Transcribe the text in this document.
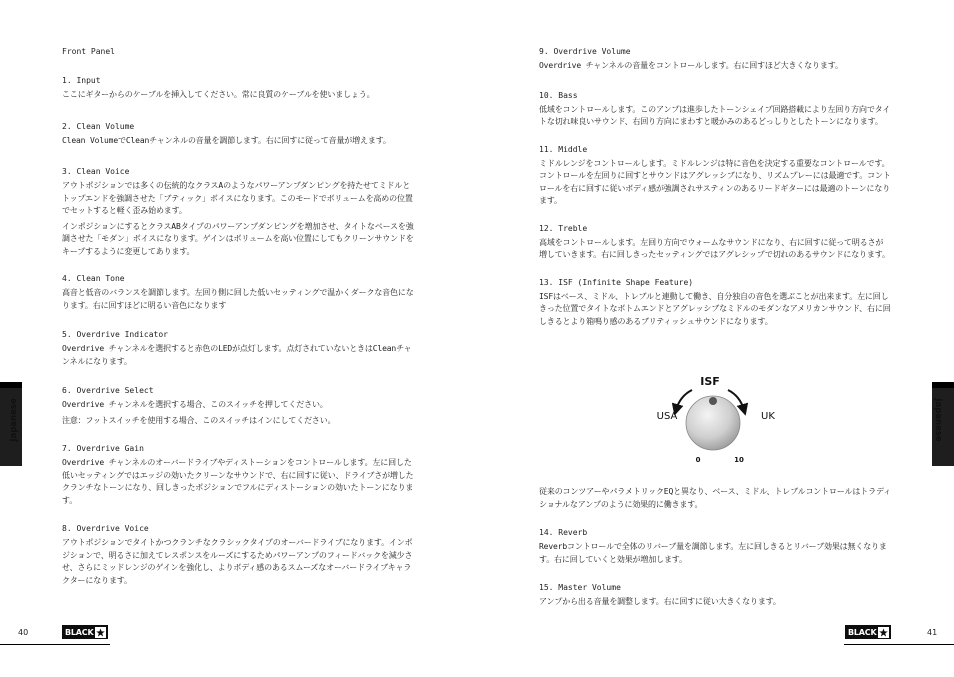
Front Panel
1. Input

ここにギターからのケーブルを挿入してください。常に良質のケーブルを使いましょう。

2. Clean Volume

Clean VolumeでCleanチャンネルの音量を調節します。右に回すに従って音量が増えます。

3. Clean Voice

アウトポジションでは多くの伝統的なクラスAのようなパワーアンプダンピングを持たせてミドルとトップエンドを強調させた「ブティック」ボイスになります。このモードでボリュームを高めの位置でセットすると軽く歪み始めます。

インポジションにするとクラスABタイプのパワーアンプダンピングを増加させ、タイトなベースを強調させた「モダン」ボイスになります。ゲインはボリュームを高い位置にしてもクリーンサウンドをキープするように変更してあります。

4. Clean Tone

高音と低音のバランスを調節します。左回り側に回した低いセッティングで温かくダークな音色になります。右に回すほどに明るい音色になります

5. Overdrive Indicator

Overdrive チャンネルを選択すると赤色のLEDが点灯します。点灯されていないときはCleanチャンネルになります。

6. Overdrive Select

Overdrive チャンネルを選択する場合、このスイッチを押してください。

注意：フットスイッチを使用する場合、このスイッチはインにしてください。

7. Overdrive Gain

Overdrive チャンネルのオーバードライブやディストーションをコントロールします。左に回した低いセッティングではエッジの効いたクリーンなサウンドで、右に回すに従い、ドライブさが増したクランチなトーンになり、回しきったポジションでフルにディストーションの効いたトーンになります。

8. Overdrive Voice

アウトポジションでタイトかつクランチなクラシックタイプのオーバードライブになります。インポジションで、明るさに加えてレスポンスをルーズにするためパワーアンプのフィードバックを減少させ、さらにミッドレンジのゲインを強化し、よりボディ感のあるスムーズなオーバードライブキャラクターになります。

9. Overdrive Volume

Overdrive チャンネルの音量をコントロールします。右に回すほど大きくなります。

10. Bass

低域をコントロールします。このアンプは進歩したトーンシェイプ回路搭載により左回り方向でタイトな切れ味良いサウンド、右回り方向にまわすと暖かみのあるどっしりとしたトーンになります。

11. Middle

ミドルレンジをコントロールします。ミドルレンジは特に音色を決定する重要なコントロールです。コントロールを左回りに回すとサウンドはアグレッシブになり、リズムプレーには最適です。コントロールを右に回すに従いボディ感が強調されサスティンのあるリードギターには最適のトーンになります。

12. Treble

高域をコントロールします。左回り方向でウォームなサウンドになり、右に回すに従って明るさが増していきます。右に回しきったセッティングではアグレシップで切れのあるサウンドになります。

13. ISF (Infinite Shape Feature)

ISFはベース、ミドル、トレブルと連動して働き、自分独自の音色を選ぶことが出来ます。左に回しきった位置でタイトなボトムエンドとアグレッシブなミドルのモダンなアメリカンサウンド、右に回しきるとより箱鳴り感のあるブリティッシュサウンドになります。

ISF
USA	UK
0	10

従来のコンツアーやパラメトリックEQと異なり、ベース、ミドル、トレブルコントロールはトラディショナルなアンプのように効果的に働きます。

14. Reverb

Reverbコントロールで全体のリバーブ量を調節します。左に回しきるとリバーブ効果は無くなります。右に回していくと効果が増加します。

15. Master Volume

アンプから出る音量を調整します。右に回すに従い大きくなります。

Japanese	Japanese
40	41
BLACK	BLACK
